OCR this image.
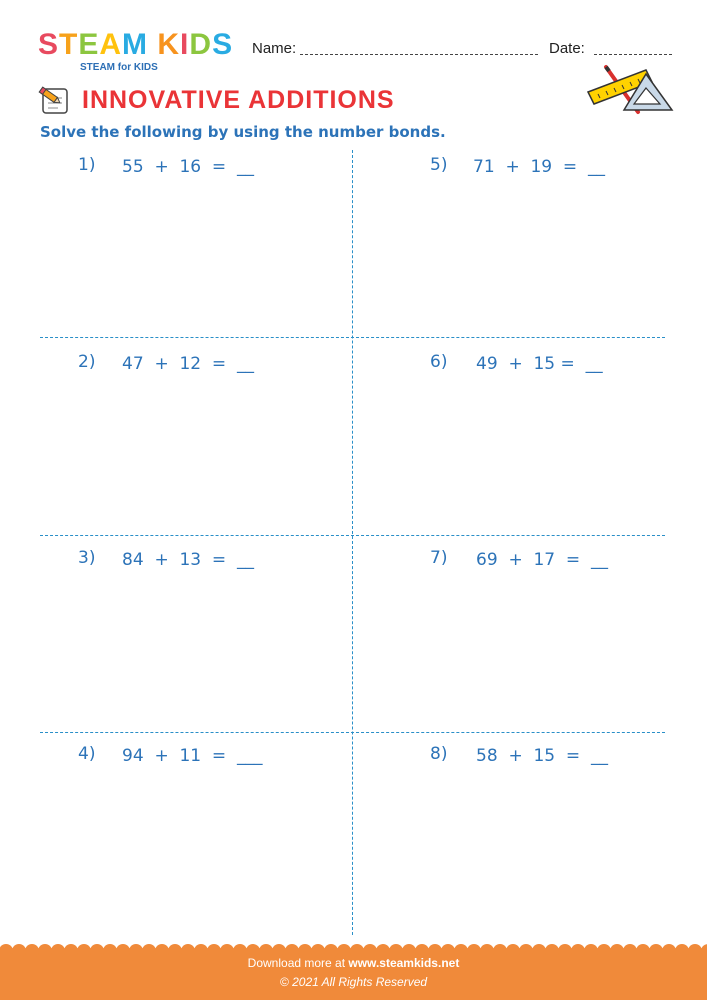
STEAM KIDS
STEAM for KIDS
Name:	Date:
INNOVATIVE ADDITIONS
Solve the following by using the number bonds.
1) 55  +  16  =  __
2) 47  +  12  =  __
3) 84  +  13  =  __
4) 94  +  11  =  ___
5) 71  +  19  =  __
6) 49  +  15 =  __
7) 69  +  17  =  __
8) 58  +  15  =  __
Download more at www.steamkids.net
© 2021 All Rights Reserved
